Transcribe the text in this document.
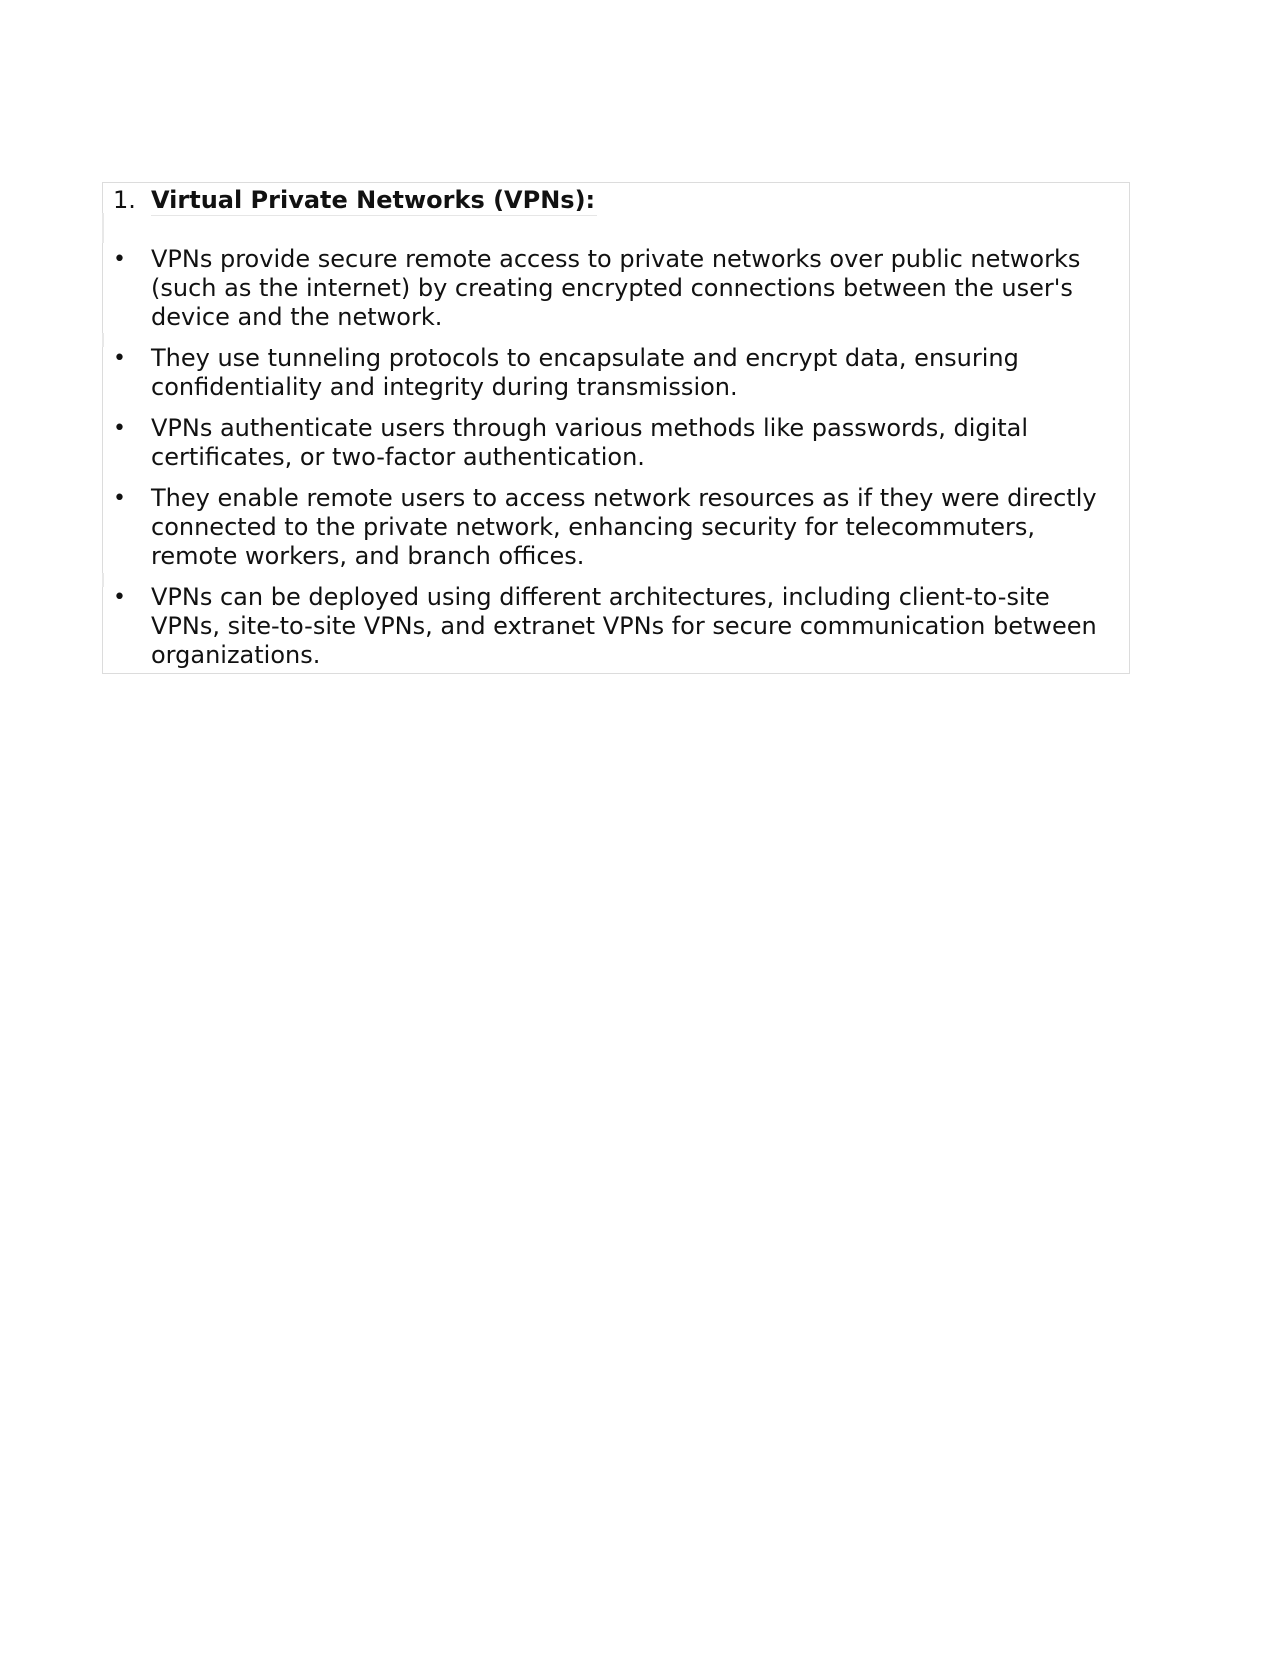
1. Virtual Private Networks (VPNs):
• VPNs provide secure remote access to private networks over public networks (such as the internet) by creating encrypted connections between the user's device and the network.
• They use tunneling protocols to encapsulate and encrypt data, ensuring confidentiality and integrity during transmission.
• VPNs authenticate users through various methods like passwords, digital certificates, or two-factor authentication.
• They enable remote users to access network resources as if they were directly connected to the private network, enhancing security for telecommuters, remote workers, and branch offices.
• VPNs can be deployed using different architectures, including client-to-site VPNs, site-to-site VPNs, and extranet VPNs for secure communication between organizations.
